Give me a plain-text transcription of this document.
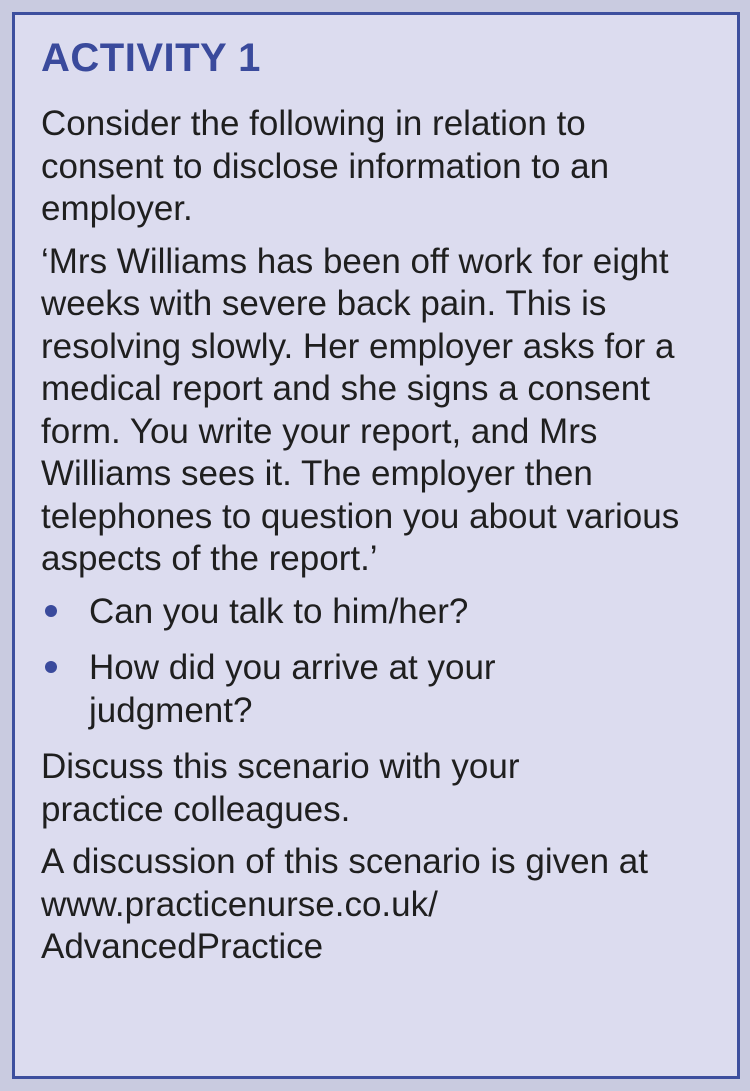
ACTIVITY 1

Consider the following in relation to consent to disclose information to an employer.

‘Mrs Williams has been off work for eight weeks with severe back pain. This is resolving slowly. Her employer asks for a medical report and she signs a consent form. You write your report, and Mrs Williams sees it. The employer then telephones to question you about various aspects of the report.’

Can you talk to him/her?
How did you arrive at your judgment?

Discuss this scenario with your practice colleagues.

A discussion of this scenario is given at www.practicenurse.co.uk/ AdvancedPractice
